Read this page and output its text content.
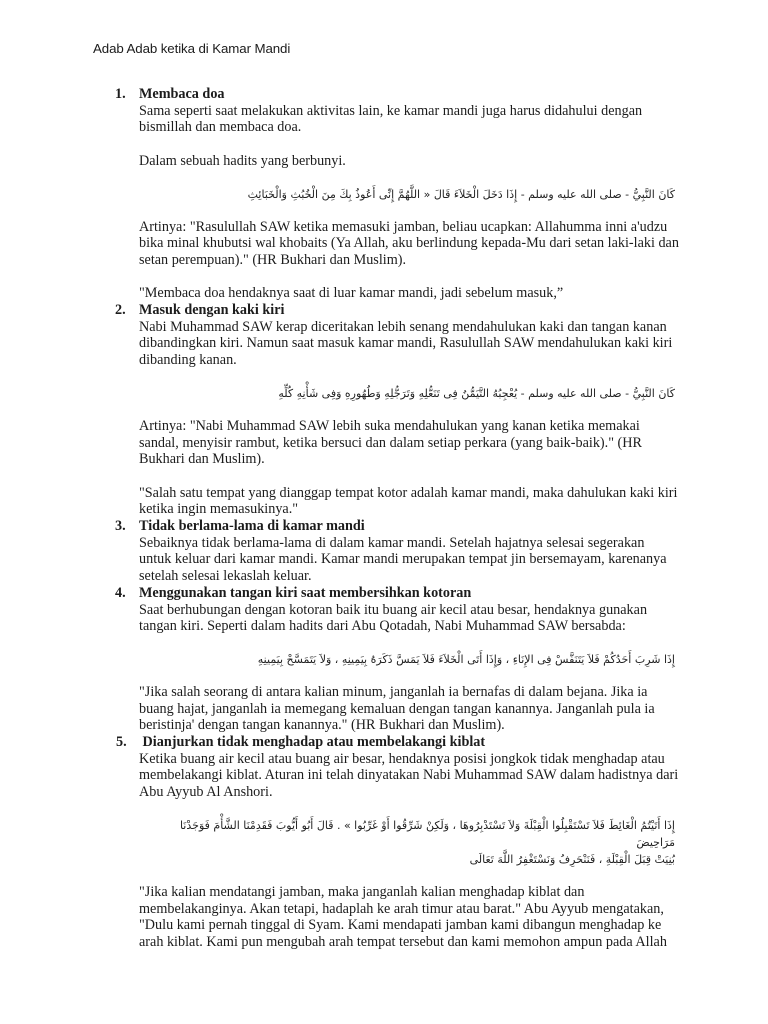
Adab Adab ketika di Kamar Mandi
1. Membaca doa

Sama seperti saat melakukan aktivitas lain, ke kamar mandi juga harus didahului dengan bismillah dan membaca doa.

Dalam sebuah hadits yang berbunyi.

كَانَ النَّبِيُّ - صلى الله عليه وسلم - إِذَا دَخَلَ الْخَلاَءَ قَالَ « اللَّهُمَّ إِنِّى أَعُوذُ بِكَ مِنَ الْخُبُثِ وَالْخَبَائِثِ

Artinya: "Rasulullah SAW ketika memasuki jamban, beliau ucapkan: Allahumma inni a'udzu bika minal khubutsi wal khobaits (Ya Allah, aku berlindung kepada-Mu dari setan laki-laki dan setan perempuan)." (HR Bukhari dan Muslim).

"Membaca doa hendaknya saat di luar kamar mandi, jadi sebelum masuk,”

2. Masuk dengan kaki kiri

Nabi Muhammad SAW kerap diceritakan lebih senang mendahulukan kaki dan tangan kanan dibandingkan kiri. Namun saat masuk kamar mandi, Rasulullah SAW mendahulukan kaki kiri dibanding kanan.

كَانَ النَّبِيُّ - صلى الله عليه وسلم - يُعْجِبُهُ التَّيَمُّنُ فِى تَنَعُّلِهِ وَتَرَجُّلِهِ وَطُهُورِهِ وَفِى شَأْنِهِ كُلِّهِ

Artinya: "Nabi Muhammad SAW lebih suka mendahulukan yang kanan ketika memakai sandal, menyisir rambut, ketika bersuci dan dalam setiap perkara (yang baik-baik)." (HR Bukhari dan Muslim).

"Salah satu tempat yang dianggap tempat kotor adalah kamar mandi, maka dahulukan kaki kiri ketika ingin memasukinya."

3. Tidak berlama-lama di kamar mandi

Sebaiknya tidak berlama-lama di dalam kamar mandi. Setelah hajatnya selesai segerakan untuk keluar dari kamar mandi. Kamar mandi merupakan tempat jin bersemayam, karenanya setelah selesai lekaslah keluar.

4. Menggunakan tangan kiri saat membersihkan kotoran

Saat berhubungan dengan kotoran baik itu buang air kecil atau besar, hendaknya gunakan tangan kiri. Seperti dalam hadits dari Abu Qotadah, Nabi Muhammad SAW bersabda:

إِذَا شَرِبَ أَحَدُكُمْ فَلاَ يَتَنَفَّسْ فِى الإِنَاءِ ، وَإِذَا أَتَى الْخَلاَءَ فَلاَ يَمَسَّ ذَكَرَهُ بِيَمِينِهِ ، وَلاَ يَتَمَسَّحْ بِيَمِينِهِ

"Jika salah seorang di antara kalian minum, janganlah ia bernafas di dalam bejana. Jika ia buang hajat, janganlah ia memegang kemaluan dengan tangan kanannya. Janganlah pula ia beristinja' dengan tangan kanannya." (HR Bukhari dan Muslim).

5. Dianjurkan tidak menghadap atau membelakangi kiblat

Ketika buang air kecil atau buang air besar, hendaknya posisi jongkok tidak menghadap atau membelakangi kiblat. Aturan ini telah dinyatakan Nabi Muhammad SAW dalam hadistnya dari Abu Ayyub Al Anshori.

إِذَا أَتَيْتُمُ الْغَائِطَ فَلاَ تَسْتَقْبِلُوا الْقِبْلَةَ وَلاَ تَسْتَدْبِرُوهَا ، وَلَكِنْ شَرِّقُوا أَوْ غَرِّبُوا » . قَالَ أَبُو أَيُّوبَ فَقَدِمْنَا الشَّأْمَ فَوَجَدْنَا مَرَاحِيضَ

بُنِيَتْ قِبَلَ الْقِبْلَةِ ، فَنَنْحَرِفُ وَنَسْتَغْفِرُ اللَّهَ تَعَالَى

"Jika kalian mendatangi jamban, maka janganlah kalian menghadap kiblat dan membelakanginya. Akan tetapi, hadaplah ke arah timur atau barat." Abu Ayyub mengatakan, "Dulu kami pernah tinggal di Syam. Kami mendapati jamban kami dibangun menghadap ke arah kiblat. Kami pun mengubah arah tempat tersebut dan kami memohon ampun pada Allah
